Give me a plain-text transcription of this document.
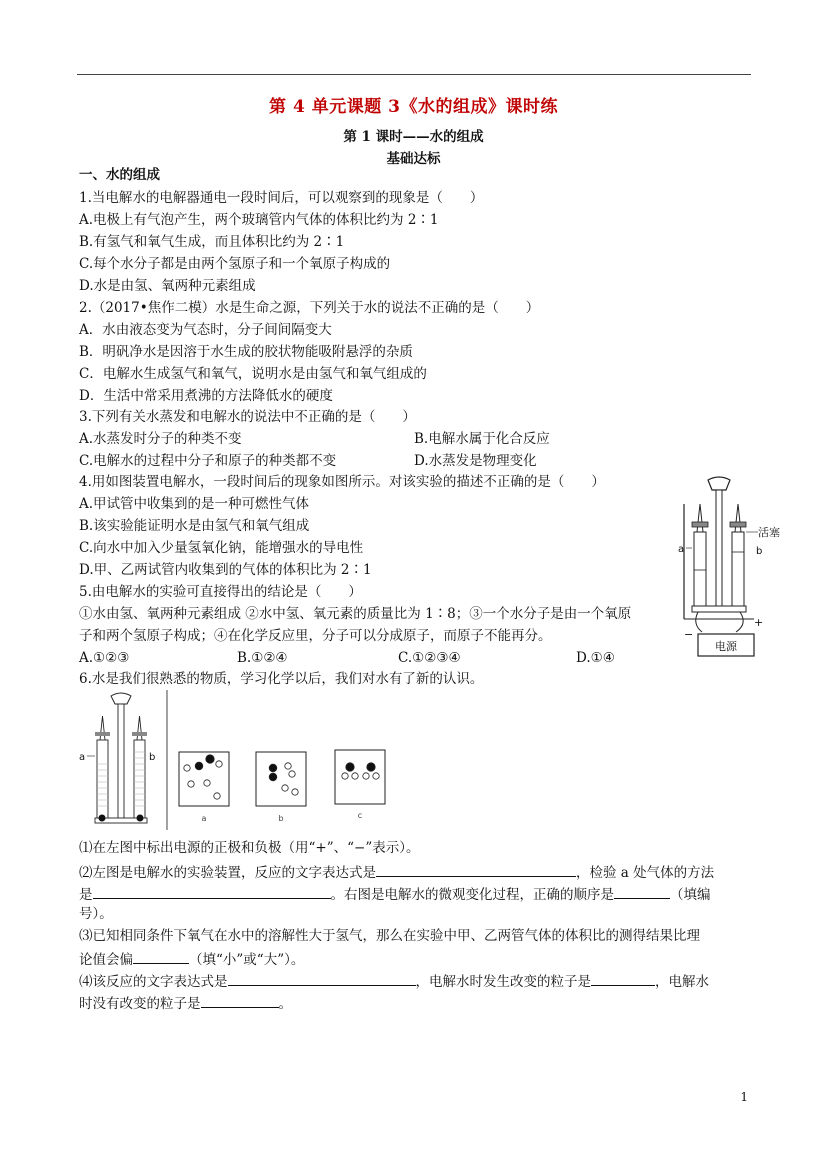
第 4 单元课题 3《水的组成》课时练
第 1 课时——水的组成
基础达标
一、水的组成
1.当电解水的电解器通电一段时间后，可以观察到的现象是（　　）
A.电极上有气泡产生，两个玻璃管内气体的体积比约为 2∶1
B.有氢气和氧气生成，而且体积比约为 2∶1
C.每个水分子都是由两个氢原子和一个氧原子构成的
D.水是由氢、氧两种元素组成
2.（2017•焦作二模）水是生命之源，下列关于水的说法不正确的是（　　）
A．水由液态变为气态时，分子间间隔变大
B．明矾净水是因溶于水生成的胶状物能吸附悬浮的杂质
C．电解水生成氢气和氧气，说明水是由氢气和氧气组成的
D．生活中常采用煮沸的方法降低水的硬度
3.下列有关水蒸发和电解水的说法中不正确的是（　　）
A.水蒸发时分子的种类不变	B.电解水属于化合反应
C.电解水的过程中分子和原子的种类都不变	D.水蒸发是物理变化
4.用如图装置电解水，一段时间后的现象如图所示。对该实验的描述不正确的是（　　）
A.甲试管中收集到的是一种可燃性气体
B.该实验能证明水是由氢气和氧气组成
C.向水中加入少量氢氧化钠，能增强水的导电性
D.甲、乙两试管内收集到的气体的体积比为 2∶1
5.由电解水的实验可直接得出的结论是（　　）
①水由氢、氧两种元素组成 ②水中氢、氧元素的质量比为 1∶8；③一个水分子是由一个氧原
子和两个氢原子构成；④在化学反应里，分子可以分成原子，而原子不能再分。
A.①②③	B.①②④	C.①②③④	D.①④
6.水是我们很熟悉的物质，学习化学以后，我们对水有了新的认识。
电源
−
+
a	b
活塞
a	b
a	b	c
⑴在左图中标出电源的正极和负极（用“+”、“−”表示）。
⑵左图是电解水的实验装置，反应的文字表达式是	，检验 a 处气体的方法
是	。右图是电解水的微观变化过程，正确的顺序是	（填编
号）。
⑶已知相同条件下氧气在水中的溶解性大于氢气，那么在实验中甲、乙两管气体的体积比的测得结果比理
论值会偏	（填“小”或“大”）。
⑷该反应的文字表达式是	，电解水时发生改变的粒子是	，电解水
时没有改变的粒子是	。
1
